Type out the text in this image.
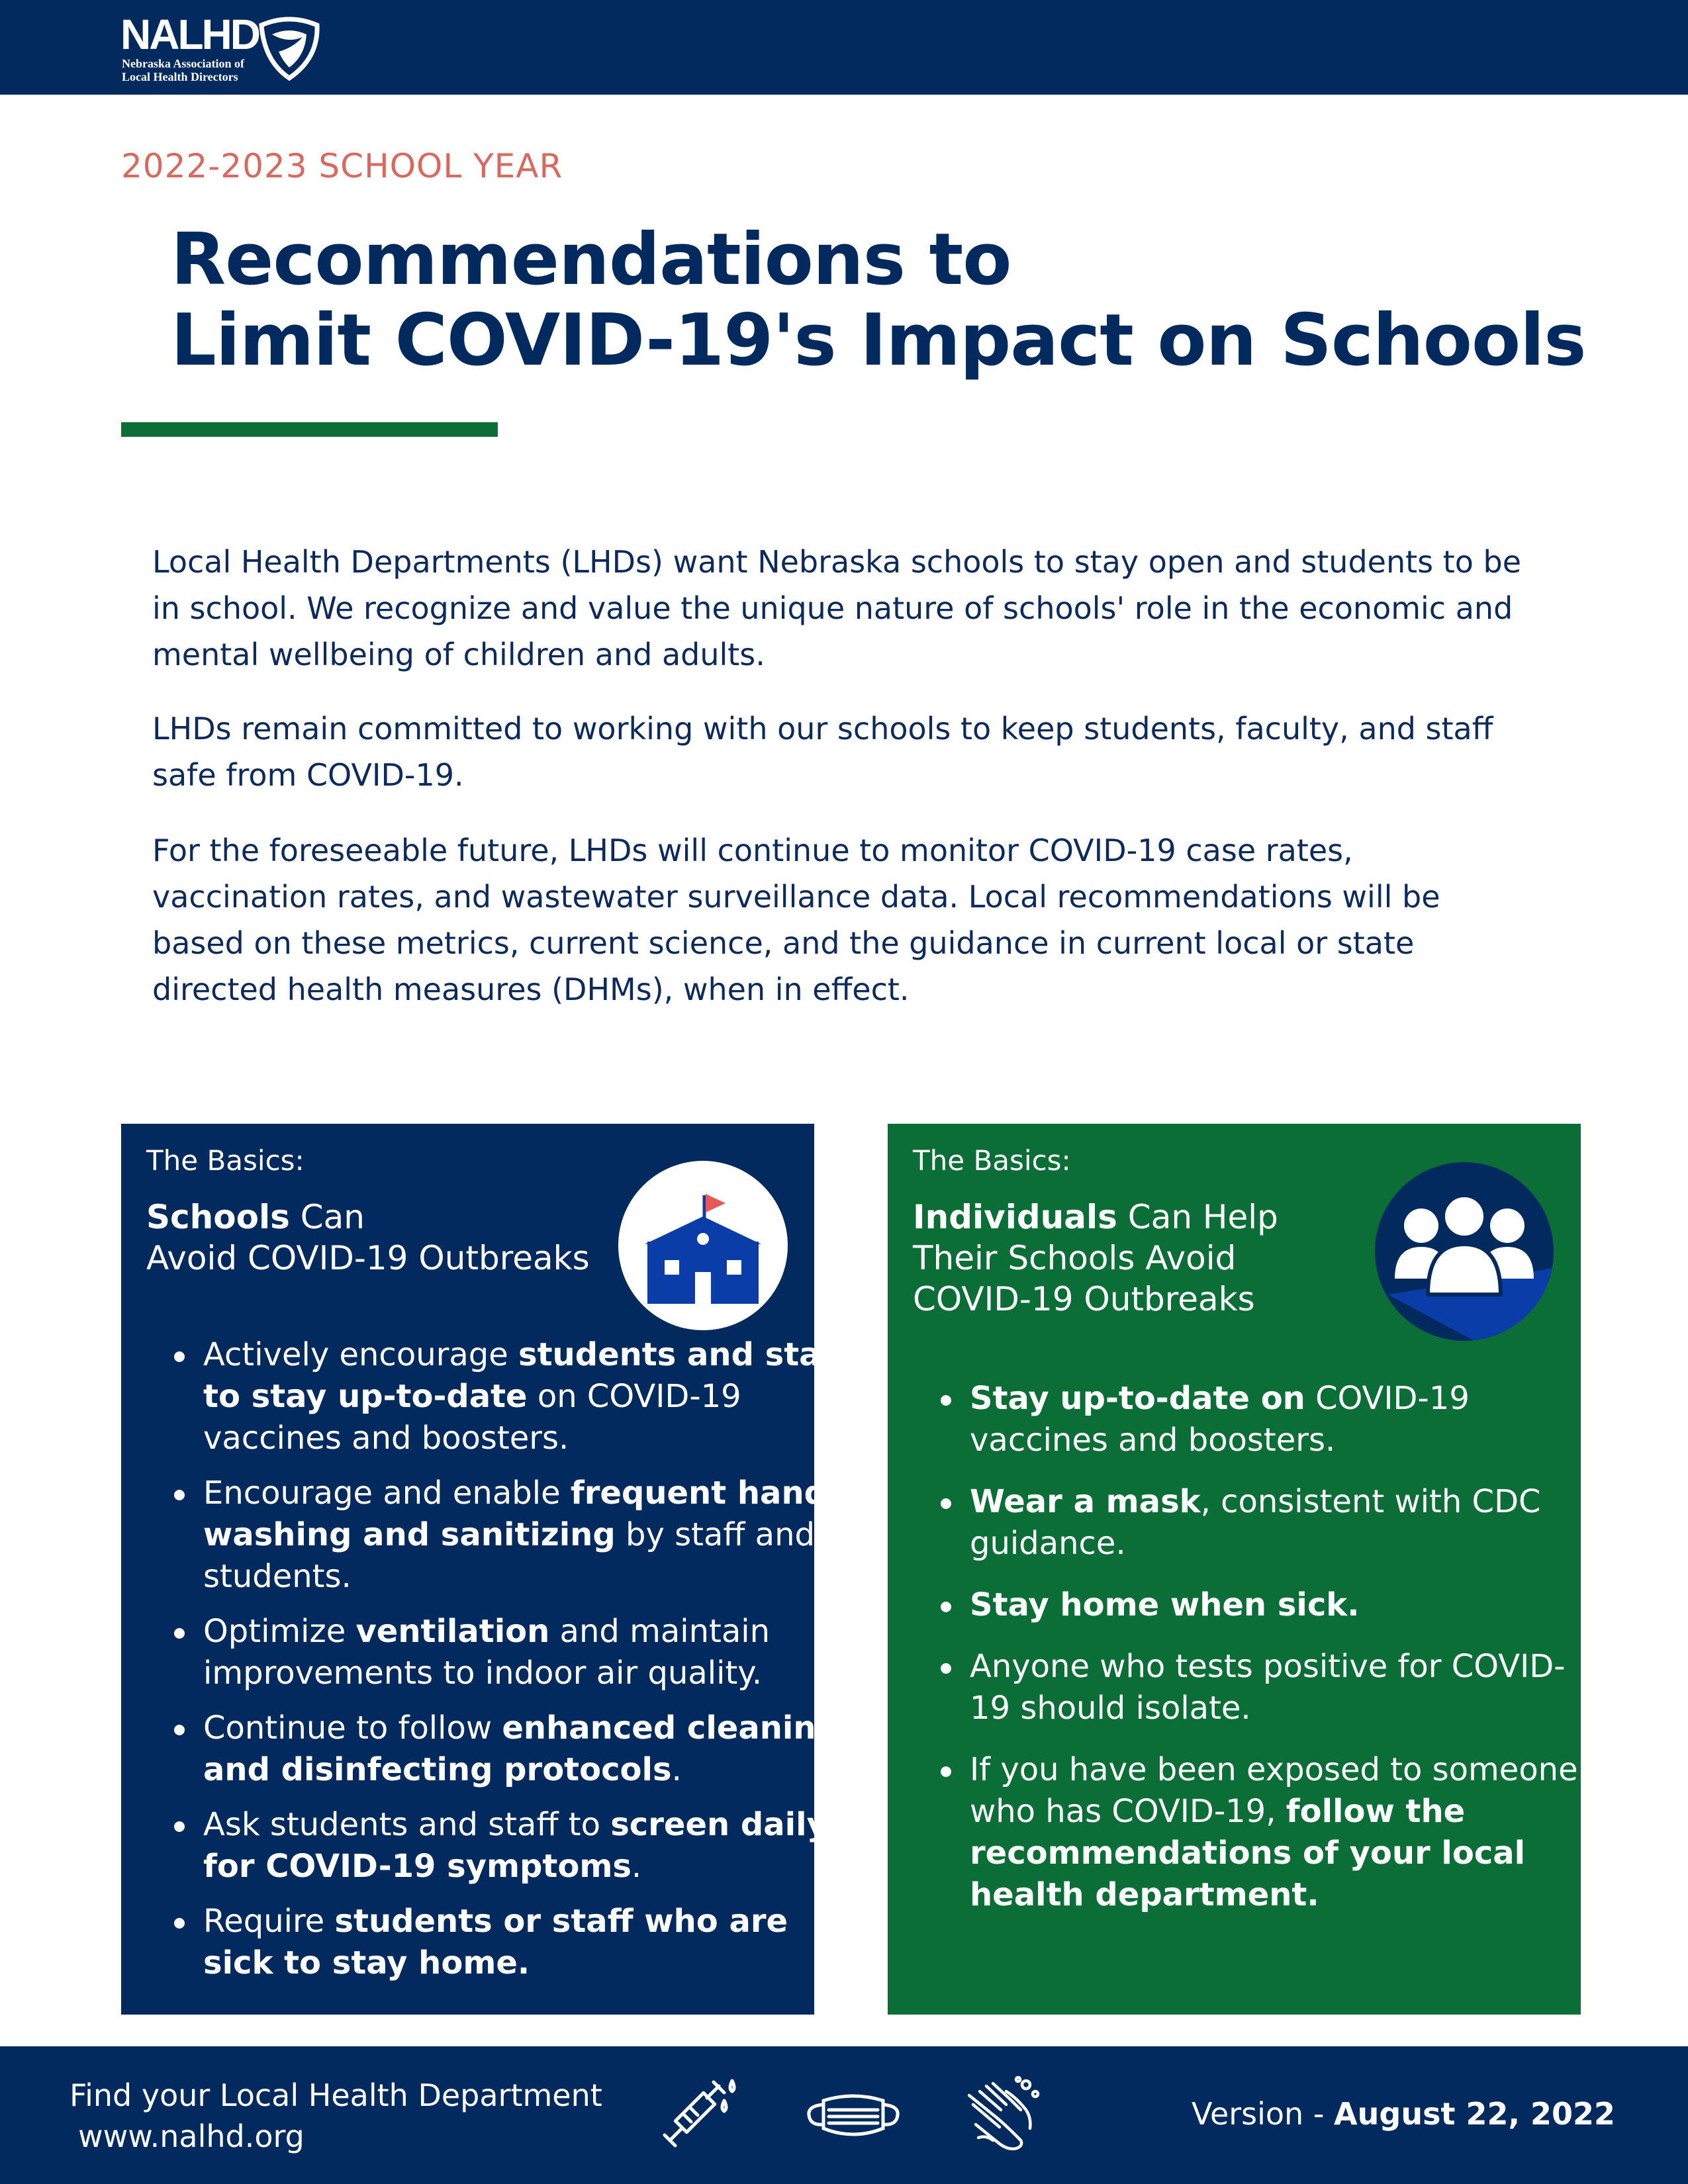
NALHD
Nebraska Association of
Local Health Directors
2022-2023 SCHOOL YEAR
Recommendations to
Limit COVID-19's Impact on Schools
Local Health Departments (LHDs) want Nebraska schools to stay open and students to be
in school. We recognize and value the unique nature of schools' role in the economic and
mental wellbeing of children and adults.
LHDs remain committed to working with our schools to keep students, faculty, and staff
safe from COVID-19.
For the foreseeable future, LHDs will continue to monitor COVID-19 case rates,
vaccination rates, and wastewater surveillance data. Local recommendations will be
based on these metrics, current science, and the guidance in current local or state
directed health measures (DHMs), when in effect.
The Basics:
Schools Can
Avoid COVID-19 Outbreaks
Actively encourage students and staff
to stay up-to-date on COVID-19
vaccines and boosters.
Encourage and enable frequent hand
washing and sanitizing by staff and
students.
Optimize ventilation and maintain
improvements to indoor air quality.
Continue to follow enhanced cleaning
and disinfecting protocols.
Ask students and staff to screen daily
for COVID-19 symptoms.
Require students or staff who are
sick to stay home.
The Basics:
Individuals Can Help
Their Schools Avoid
COVID-19 Outbreaks
Stay up-to-date on COVID-19
vaccines and boosters.
Wear a mask, consistent with CDC
guidance.
Stay home when sick.
Anyone who tests positive for COVID-
19 should isolate.
If you have been exposed to someone
who has COVID-19, follow the
recommendations of your local
health department.
Find your Local Health Department
www.nalhd.org
Version - August 22, 2022
